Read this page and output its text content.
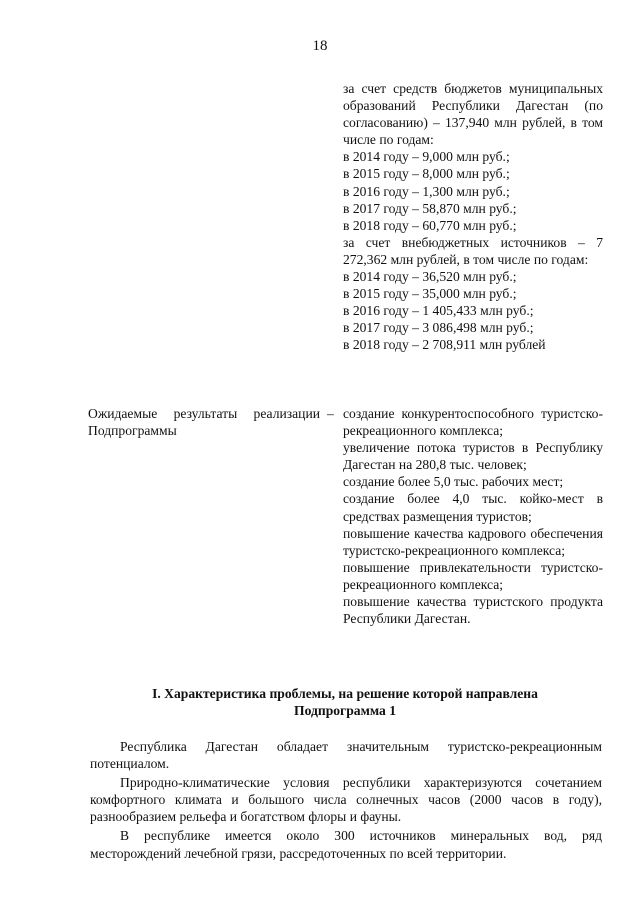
18
за счет средств бюджетов муниципальных образований Республики Дагестан (по согласованию) – 137,940 млн рублей, в том числе по годам:
в 2014 году – 9,000 млн руб.;
в 2015 году – 8,000 млн руб.;
в 2016 году – 1,300 млн руб.;
в 2017 году – 58,870 млн руб.;
в 2018 году – 60,770 млн руб.;
за счет внебюджетных источников – 7 272,362 млн рублей, в том числе по годам:
в 2014 году – 36,520 млн руб.;
в 2015 году – 35,000 млн руб.;
в 2016 году – 1 405,433 млн руб.;
в 2017 году – 3 086,498 млн руб.;
в 2018 году – 2 708,911 млн рублей
Ожидаемые результаты реализации Подпрограммы
– создание конкурентоспособного туристско-рекреационного комплекса;
увеличение потока туристов в Республику Дагестан на 280,8 тыс. человек;
создание более 5,0 тыс. рабочих мест;
создание более 4,0 тыс. койко-мест в средствах размещения туристов;
повышение качества кадрового обеспечения туристско-рекреационного комплекса;
повышение привлекательности туристско-рекреационного комплекса;
повышение качества туристского продукта Республики Дагестан.
I. Характеристика проблемы, на решение которой направлена
Подпрограмма 1

Республика Дагестан обладает значительным туристско-рекреационным потенциалом.

Природно-климатические условия республики характеризуются сочетанием комфортного климата и большого числа солнечных часов (2000 часов в году), разнообразием рельефа и богатством флоры и фауны.

В республике имеется около 300 источников минеральных вод, ряд месторождений лечебной грязи, рассредоточенных по всей территории.
